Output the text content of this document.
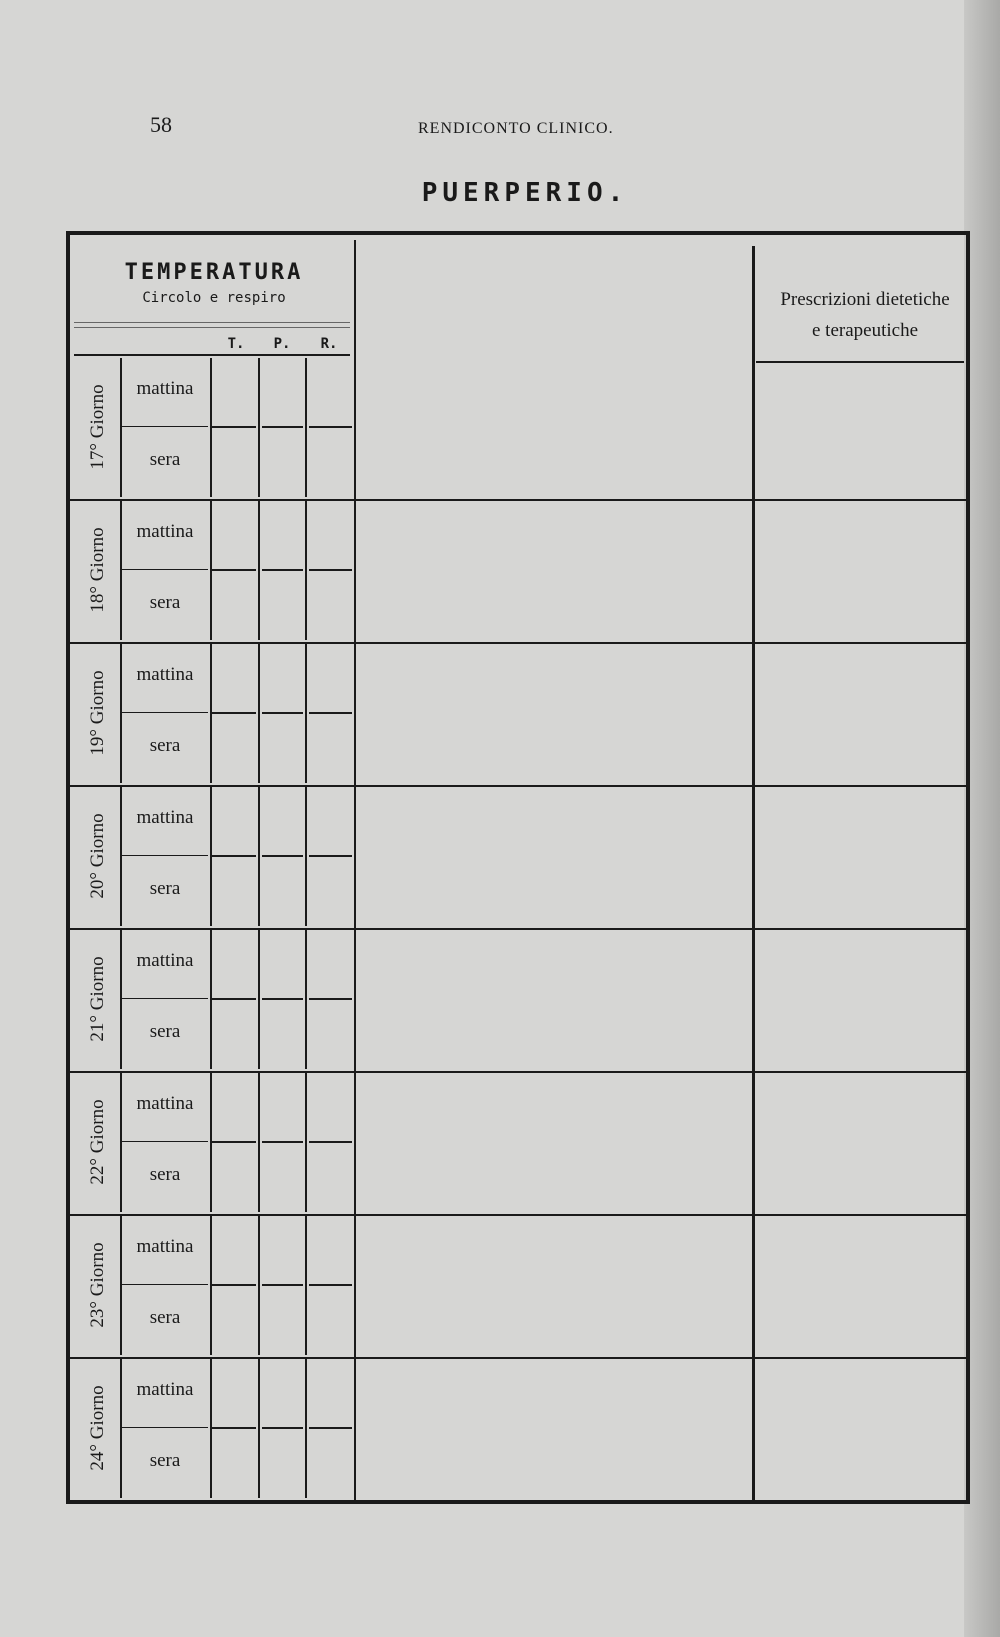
58	RENDICONTO CLINICO.
PUERPERIO.
TEMPERATURA
Circolo e respiro
T.	P.	R.
Prescrizioni dietetiche
e terapeutiche
17° Giorno	mattina
sera
18° Giorno	mattina
sera
19° Giorno	mattina
sera
20° Giorno	mattina
sera
21° Giorno	mattina
sera
22° Giorno	mattina
sera
23° Giorno	mattina
sera
24° Giorno	mattina
sera
